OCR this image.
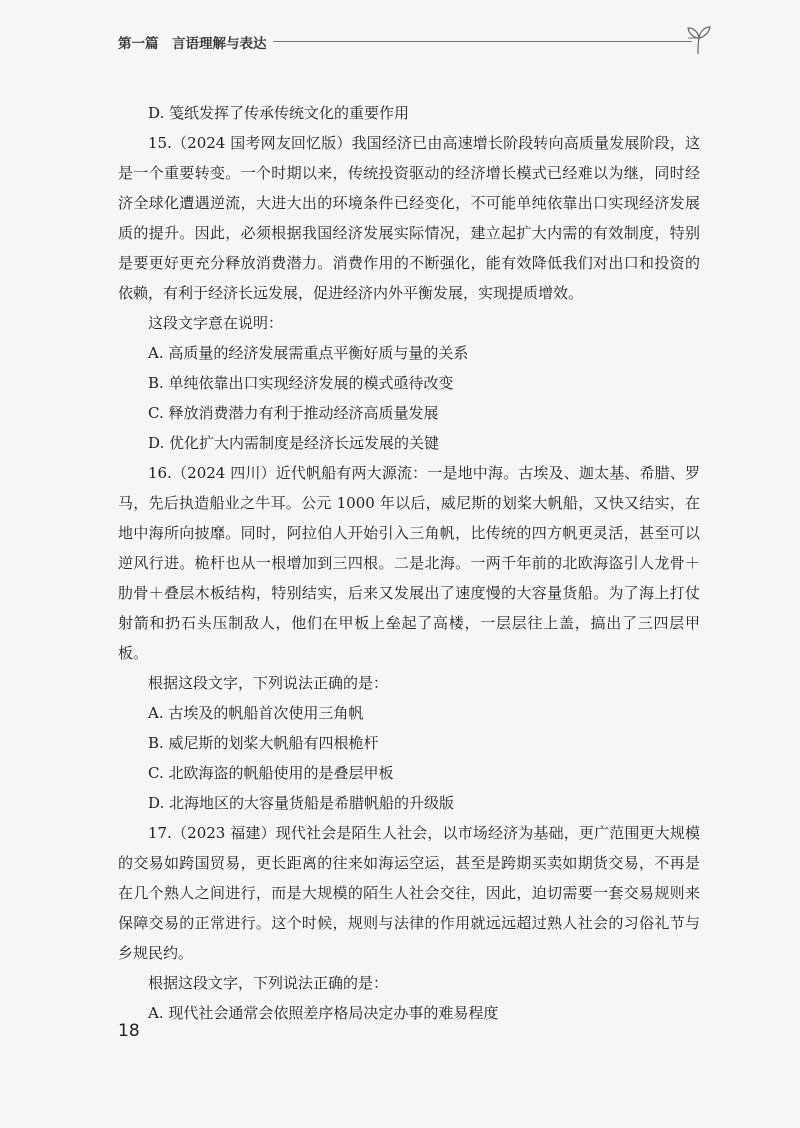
第一篇　言语理解与表达

D. 笺纸发挥了传承传统文化的重要作用

15.（2024 国考网友回忆版）我国经济已由高速增长阶段转向高质量发展阶段，这是一个重要转变。一个时期以来，传统投资驱动的经济增长模式已经难以为继，同时经济全球化遭遇逆流，大进大出的环境条件已经变化，不可能单纯依靠出口实现经济发展质的提升。因此，必须根据我国经济发展实际情况，建立起扩大内需的有效制度，特别是要更好更充分释放消费潜力。消费作用的不断强化，能有效降低我们对出口和投资的依赖，有利于经济长远发展，促进经济内外平衡发展，实现提质增效。

这段文字意在说明：

A. 高质量的经济发展需重点平衡好质与量的关系

B. 单纯依靠出口实现经济发展的模式亟待改变

C. 释放消费潜力有利于推动经济高质量发展

D. 优化扩大内需制度是经济长远发展的关键

16.（2024 四川）近代帆船有两大源流：一是地中海。古埃及、迦太基、希腊、罗马，先后执造船业之牛耳。公元 1000 年以后，威尼斯的划桨大帆船，又快又结实，在地中海所向披靡。同时，阿拉伯人开始引入三角帆，比传统的四方帆更灵活，甚至可以逆风行进。桅杆也从一根增加到三四根。二是北海。一两千年前的北欧海盗引人龙骨＋肋骨＋叠层木板结构，特别结实，后来又发展出了速度慢的大容量货船。为了海上打仗射箭和扔石头压制敌人，他们在甲板上垒起了高楼，一层层往上盖，搞出了三四层甲板。

根据这段文字，下列说法正确的是：

A. 古埃及的帆船首次使用三角帆

B. 威尼斯的划桨大帆船有四根桅杆

C. 北欧海盗的帆船使用的是叠层甲板

D. 北海地区的大容量货船是希腊帆船的升级版

17.（2023 福建）现代社会是陌生人社会，以市场经济为基础，更广范围更大规模的交易如跨国贸易，更长距离的往来如海运空运，甚至是跨期买卖如期货交易，不再是在几个熟人之间进行，而是大规模的陌生人社会交往，因此，迫切需要一套交易规则来保障交易的正常进行。这个时候，规则与法律的作用就远远超过熟人社会的习俗礼节与乡规民约。

根据这段文字，下列说法正确的是：

A. 现代社会通常会依照差序格局决定办事的难易程度

18
